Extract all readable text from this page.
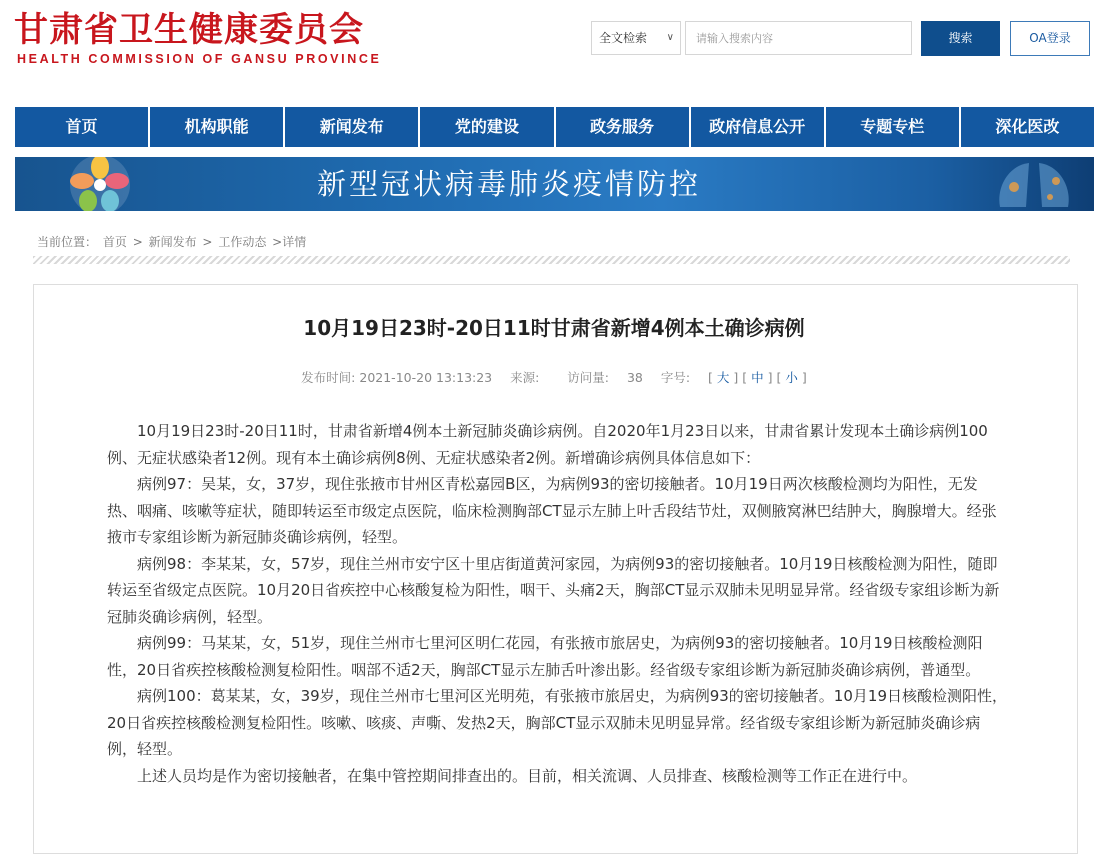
甘肃省卫生健康委员会
HEALTH COMMISSION OF GANSU PROVINCE
全文检索 ∨
请输入搜索内容	搜索	OA登录
首页	机构职能	新闻发布	党的建设	政务服务	政府信息公开	专题专栏	深化医改
新型冠状病毒肺炎疫情防控
当前位置： 首页 > 新闻发布 > 工作动态 >详情
10月19日23时-20日11时甘肃省新增4例本土确诊病例
发布时间: 2021-10-20 13:13:23 来源: 访问量: 38 字号: [ 大 ] [ 中 ] [ 小 ]

10月19日23时-20日11时，甘肃省新增4例本土新冠肺炎确诊病例。自2020年1月23日以来，甘肃省累计发现本土确诊病例100例、无症状感染者12例。现有本土确诊病例8例、无症状感染者2例。新增确诊病例具体信息如下：

病例97：吴某，女，37岁，现住张掖市甘州区青松嘉园B区，为病例93的密切接触者。10月19日两次核酸检测均为阳性，无发热、咽痛、咳嗽等症状，随即转运至市级定点医院，临床检测胸部CT显示左肺上叶舌段结节灶，双侧腋窝淋巴结肿大，胸腺增大。经张掖市专家组诊断为新冠肺炎确诊病例，轻型。

病例98：李某某，女，57岁，现住兰州市安宁区十里店街道黄河家园，为病例93的密切接触者。10月19日核酸检测为阳性，随即转运至省级定点医院。10月20日省疾控中心核酸复检为阳性，咽干、头痛2天，胸部CT显示双肺未见明显异常。经省级专家组诊断为新冠肺炎确诊病例，轻型。

病例99：马某某，女，51岁，现住兰州市七里河区明仁花园，有张掖市旅居史，为病例93的密切接触者。10月19日核酸检测阳性，20日省疾控核酸检测复检阳性。咽部不适2天，胸部CT显示左肺舌叶渗出影。经省级专家组诊断为新冠肺炎确诊病例，普通型。

病例100：葛某某，女，39岁，现住兰州市七里河区光明苑，有张掖市旅居史，为病例93的密切接触者。10月19日核酸检测阳性，20日省疾控核酸检测复检阳性。咳嗽、咳痰、声嘶、发热2天，胸部CT显示双肺未见明显异常。经省级专家组诊断为新冠肺炎确诊病例，轻型。

上述人员均是作为密切接触者，在集中管控期间排查出的。目前，相关流调、人员排查、核酸检测等工作正在进行中。
